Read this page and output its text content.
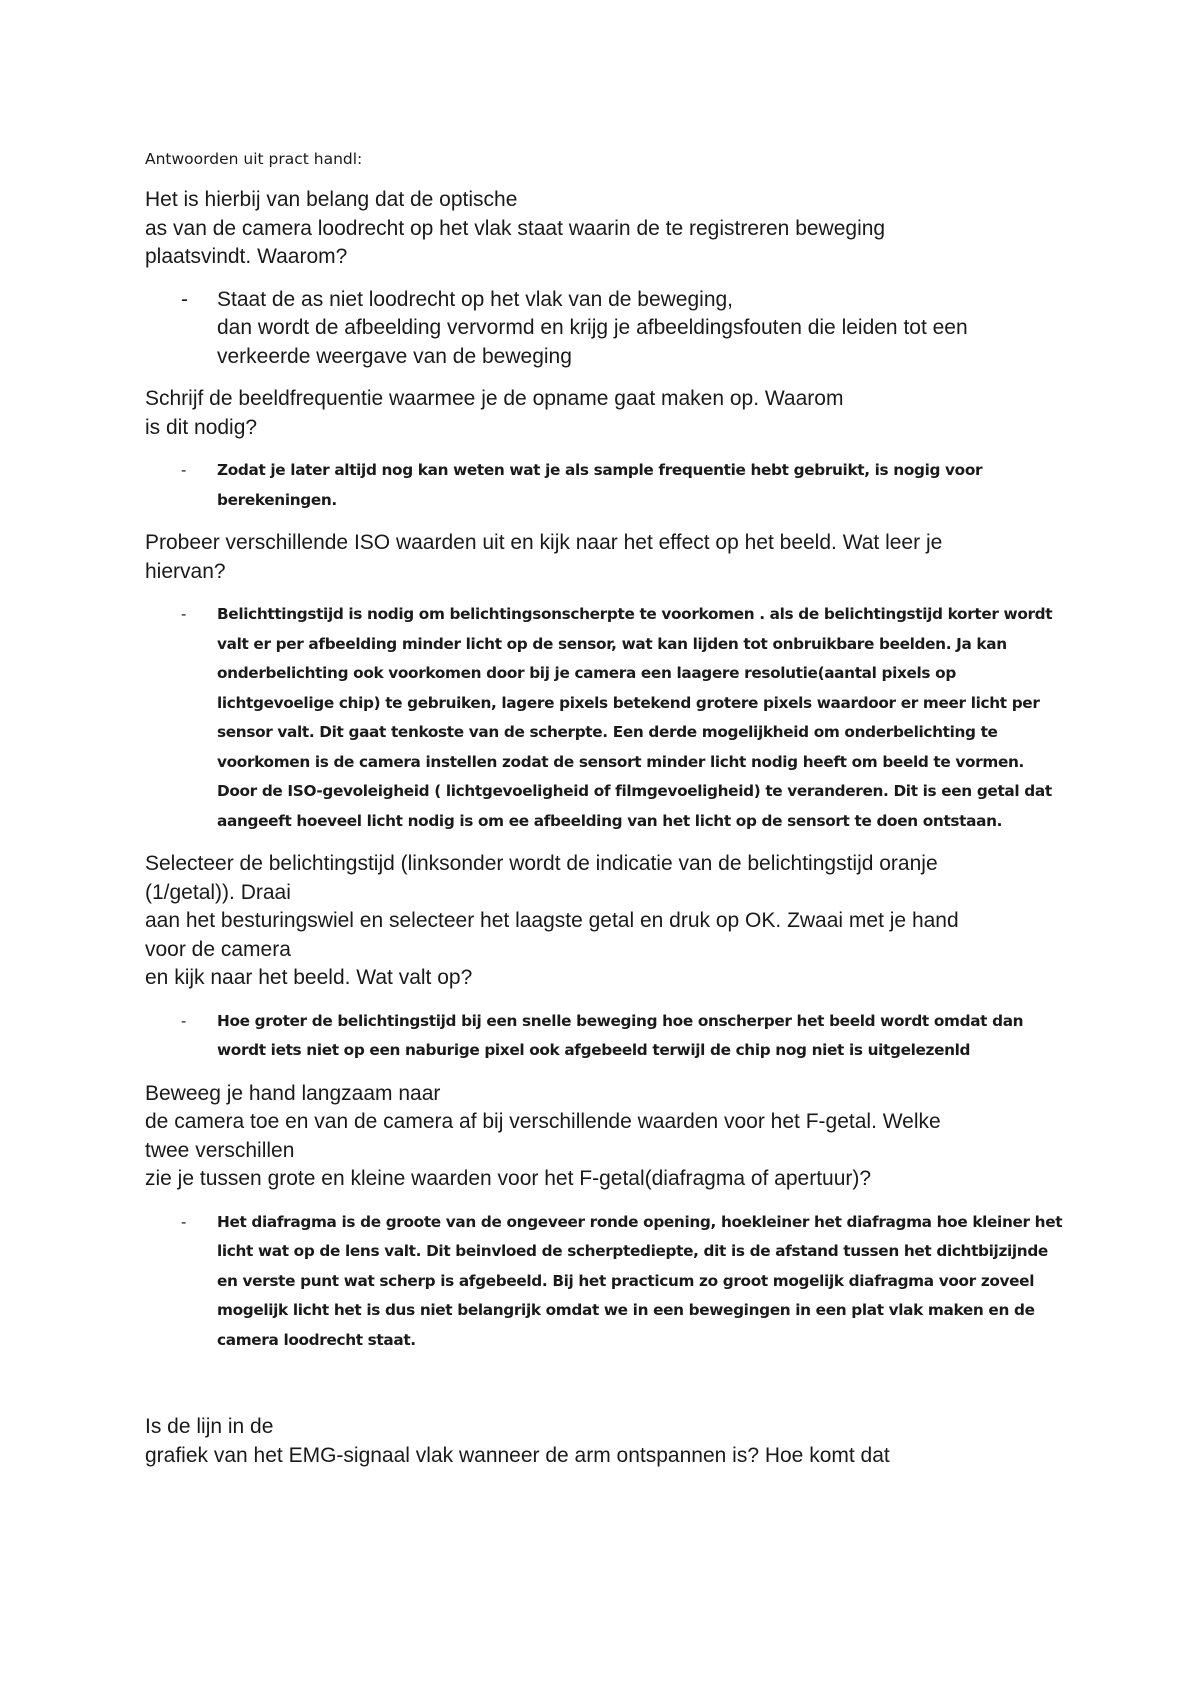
Antwoorden uit pract handl:
Het is hierbij van belang dat de optische
as van de camera loodrecht op het vlak staat waarin de te registreren beweging
plaatsvindt. Waarom?
- Staat de as niet loodrecht op het vlak van de beweging,
dan wordt de afbeelding vervormd en krijg je afbeeldingsfouten die leiden tot een
verkeerde weergave van de beweging
Schrijf de beeldfrequentie waarmee je de opname gaat maken op. Waarom
is dit nodig?
- Zodat je later altijd nog kan weten wat je als sample frequentie hebt gebruikt, is nogig voor berekeningen.
Probeer verschillende ISO waarden uit en kijk naar het effect op het beeld. Wat leer je
hiervan?
- Belichttingstijd is nodig om belichtingsonscherpte te voorkomen . als de belichtingstijd korter wordt valt er per afbeelding minder licht op de sensor, wat kan lijden tot onbruikbare beelden. Ja kan onderbelichting ook voorkomen door bij je camera een laagere resolutie(aantal pixels op lichtgevoelige chip) te gebruiken, lagere pixels betekend grotere pixels waardoor er meer licht per sensor valt. Dit gaat tenkoste van de scherpte. Een derde mogelijkheid om onderbelichting te voorkomen is de camera instellen zodat de sensort minder licht nodig heeft om beeld te vormen. Door de ISO-gevoleigheid ( lichtgevoeligheid of filmgevoeligheid) te veranderen. Dit is een getal dat aangeeft hoeveel licht nodig is om ee afbeelding van het licht op de sensort te doen ontstaan.
Selecteer de belichtingstijd (linksonder wordt de indicatie van de belichtingstijd oranje
(1/getal)). Draai
aan het besturingswiel en selecteer het laagste getal en druk op OK. Zwaai met je hand
voor de camera
en kijk naar het beeld. Wat valt op?
- Hoe groter de belichtingstijd bij een snelle beweging hoe onscherper het beeld wordt omdat dan wordt iets niet op een naburige pixel ook afgebeeld terwijl de chip nog niet is uitgelezenld
Beweeg je hand langzaam naar
de camera toe en van de camera af bij verschillende waarden voor het F-getal. Welke
twee verschillen
zie je tussen grote en kleine waarden voor het F-getal(diafragma of apertuur)?
- Het diafragma is de groote van de ongeveer ronde opening, hoekleiner het diafragma hoe kleiner het licht wat op de lens valt. Dit beinvloed de scherptediepte, dit is de afstand tussen het dichtbijzijnde en verste punt wat scherp is afgebeeld. Bij het practicum zo groot mogelijk diafragma voor zoveel mogelijk licht het is dus niet belangrijk omdat we in een bewegingen in een plat vlak maken en de camera loodrecht staat.
Is de lijn in de
grafiek van het EMG-signaal vlak wanneer de arm ontspannen is? Hoe komt dat
